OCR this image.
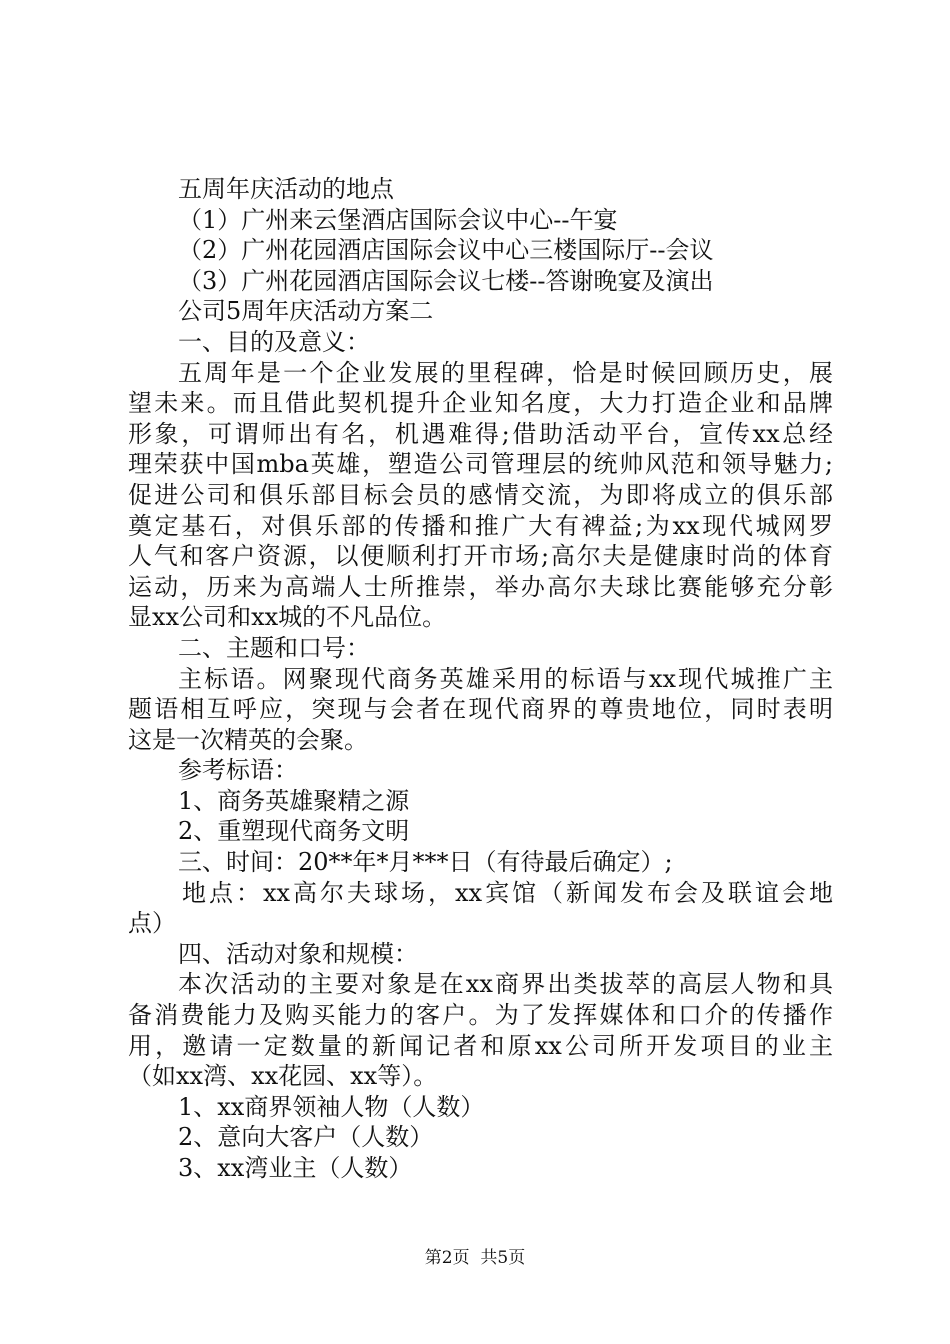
五周年庆活动的地点
（1）广州来云堡酒店国际会议中心--午宴
（2）广州花园酒店国际会议中心三楼国际厅--会议
（3）广州花园酒店国际会议七楼--答谢晚宴及演出
公司5周年庆活动方案二
一、目的及意义：
五周年是一个企业发展的里程碑，恰是时候回顾历史，展
望未来。而且借此契机提升企业知名度，大力打造企业和品牌
形象，可谓师出有名，机遇难得;借助活动平台，宣传xx总经
理荣获中国mba英雄，塑造公司管理层的统帅风范和领导魅力;
促进公司和俱乐部目标会员的感情交流，为即将成立的俱乐部
奠定基石，对俱乐部的传播和推广大有裨益;为xx现代城网罗
人气和客户资源，以便顺利打开市场;高尔夫是健康时尚的体育
运动，历来为高端人士所推崇，举办高尔夫球比赛能够充分彰
显xx公司和xx城的不凡品位。
二、主题和口号：
主标语。网聚现代商务英雄采用的标语与xx现代城推广主
题语相互呼应，突现与会者在现代商界的尊贵地位，同时表明
这是一次精英的会聚。
参考标语：
1、商务英雄聚精之源
2、重塑现代商务文明
三、时间：20**年*月***日（有待最后确定）;
地点：xx高尔夫球场，xx宾馆（新闻发布会及联谊会地
点）
四、活动对象和规模：
本次活动的主要对象是在xx商界出类拔萃的高层人物和具
备消费能力及购买能力的客户。为了发挥媒体和口介的传播作
用，邀请一定数量的新闻记者和原xx公司所开发项目的业主
（如xx湾、xx花园、xx等）。
1、xx商界领袖人物（人数）
2、意向大客户（人数）
3、xx湾业主（人数）
第2页  共5页
